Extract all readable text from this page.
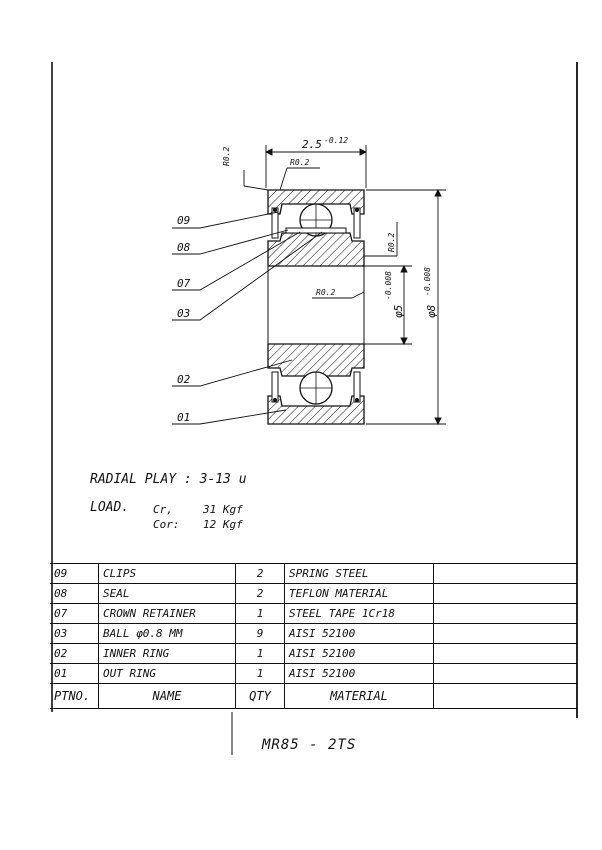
09
08
07
03
02
01
2.5 -0.12
R0.2	R0.2
R0.2
R0.2
φ5
-0.008
φ8
-0.008
RADIAL PLAY : 3-13 u
LOAD. Cr,	31 Kgf
Cor: 12 Kgf
09	CLIPS	2	SPRING STEEL	
08	SEAL	2	TEFLON MATERIAL	
07	CROWN RETAINER	1	STEEL TAPE 1Cr18	
03	BALL φ0.8 MM	9	AISI 52100	
02	INNER RING	1	AISI 52100	
01	OUT RING	1	AISI 52100	
PTNO.	NAME	QTY	MATERIAL	
MR85 - 2TS
